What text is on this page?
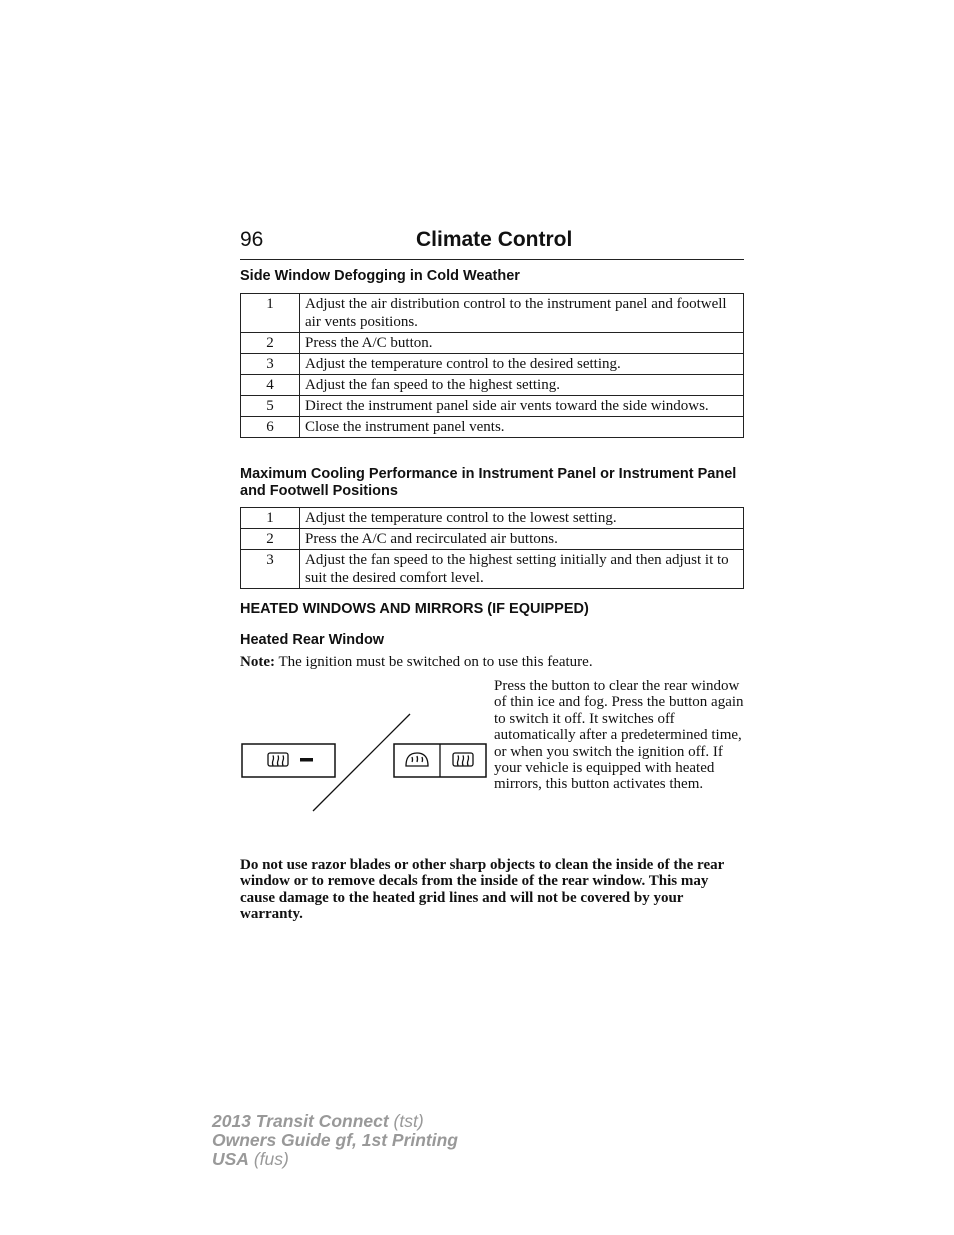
96	Climate Control
Side Window Defogging in Cold Weather
1	Adjust the air distribution control to the instrument panel and footwell air vents positions.
2	Press the A/C button.
3	Adjust the temperature control to the desired setting.
4	Adjust the fan speed to the highest setting.
5	Direct the instrument panel side air vents toward the side windows.
6	Close the instrument panel vents.
Maximum Cooling Performance in Instrument Panel or Instrument Panel and Footwell Positions
1	Adjust the temperature control to the lowest setting.
2	Press the A/C and recirculated air buttons.
3	Adjust the fan speed to the highest setting initially and then adjust it to suit the desired comfort level.
HEATED WINDOWS AND MIRRORS (IF EQUIPPED)
Heated Rear Window
Note: The ignition must be switched on to use this feature.
Press the button to clear the rear window of thin ice and fog. Press the button again to switch it off. It switches off automatically after a predetermined time, or when you switch the ignition off. If your vehicle is equipped with heated mirrors, this button activates them.
Do not use razor blades or other sharp objects to clean the inside of the rear window or to remove decals from the inside of the rear window. This may cause damage to the heated grid lines and will not be covered by your warranty.
2013 Transit Connect (tst)
Owners Guide gf, 1st Printing
USA (fus)
